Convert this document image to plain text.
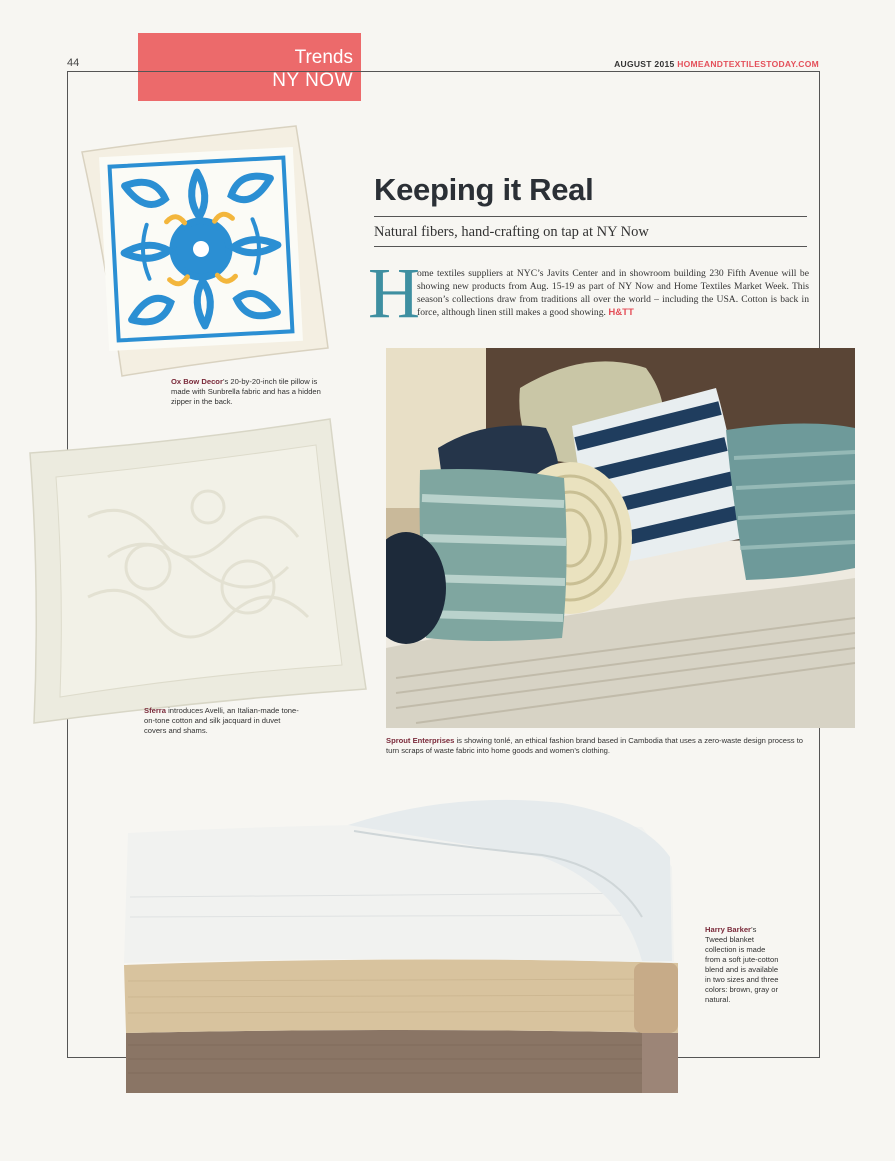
44	Trends
NY NOW
AUGUST 2015 HOMEANDTEXTILESTODAY.COM
Ox Bow Decor’s 20-by-20-inch tile pillow is made with Sunbrella fabric and has a hidden zipper in the back.
Sferra introduces Avelli, an Italian-made tone-on-tone cotton and silk jacquard in duvet covers and shams.
Keeping it Real
Natural fibers, hand-crafting on tap at NY Now
H
ome textiles suppliers at NYC’s Javits Center and in showroom building 230 Fifth Avenue will be showing new products from Aug. 15-19 as part of NY Now and Home Textiles Market Week. This season’s collections draw from traditions all over the world – including the USA. Cotton is back in force, although linen still makes a good showing. H&TT
Sprout Enterprises is showing tonlé, an ethical fashion brand based in Cambodia that uses a zero-waste design process to turn scraps of waste fabric into home goods and women’s clothing.
Harry Barker’s Tweed blanket collection is made from a soft jute-cotton blend and is available in two sizes and three colors: brown, gray or natural.
